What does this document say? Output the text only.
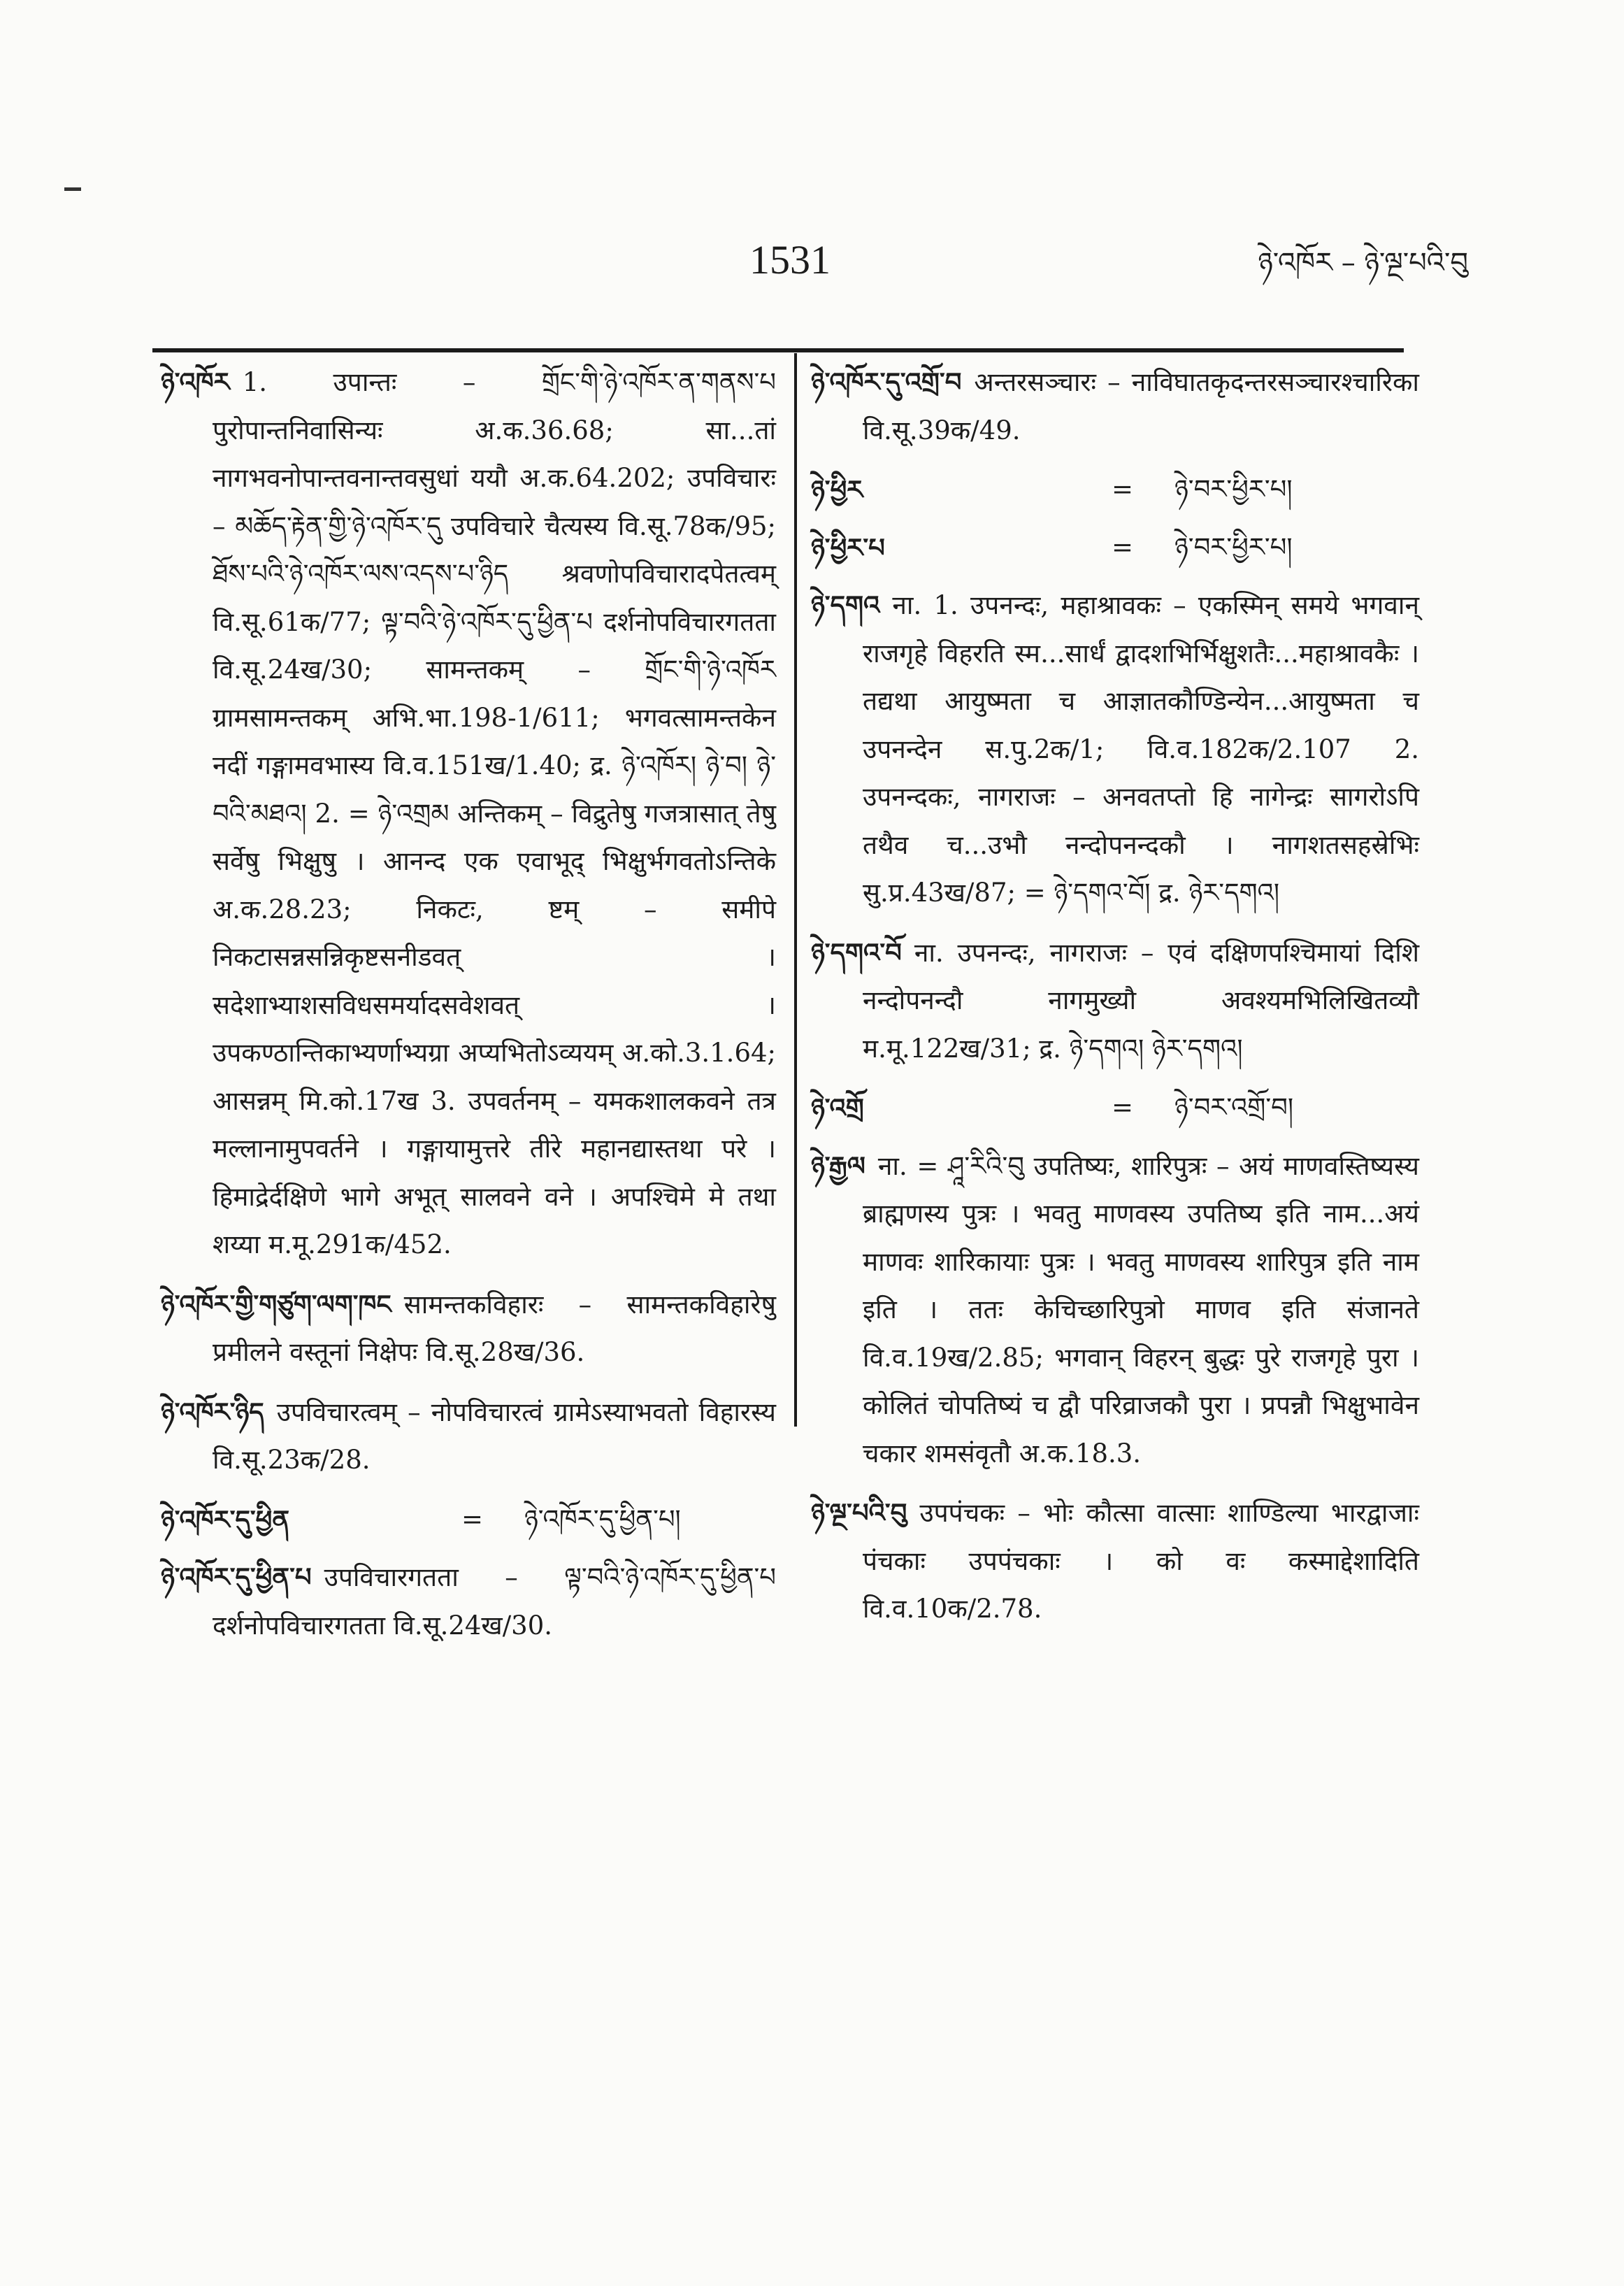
1531	ཉེ་འཁོར – ཉེ་ལྔ་པའི་བུ
ཉེ་འཁོར 1. उपान्तः – གྲོང་གི་ཉེ་འཁོར་ན་གནས་པ पुरोपान्तनिवासिन्यः अ.क.36.68; सा...तां नागभवनोपान्तवनान्तवसुधां ययौ अ.क.64.202; उपविचारः – མཆོད་རྟེན་གྱི་ཉེ་འཁོར་དུ उपविचारे चैत्यस्य वि.सू.78क/95; ཐོས་པའི་ཉེ་འཁོར་ལས་འདས་པ་ཉིད श्रवणोपविचारादपेतत्वम् वि.सू.61क/77; ལྟ་བའི་ཉེ་འཁོར་དུ་ཕྱིན་པ दर्शनोपविचारगतता वि.सू.24ख/30; सामन्तकम् – གྲོང་གི་ཉེ་འཁོར ग्रामसामन्तकम् अभि.भा.198-1/611; भगवत्सामन्तकेन नदीं गङ्गामवभास्य वि.व.151ख/1.40; द्र. ཉེ་འཁོར། ཉེ་བ། ཉེ་བའི་མཐའ། 2. = ཉེ་འགྲམ अन्तिकम् – विद्रुतेषु गजत्रासात् तेषु सर्वेषु भिक्षुषु । आनन्द एक एवाभूद् भिक्षुर्भगवतोऽन्तिके अ.क.28.23; निकटः, ष्टम् – समीपे निकटासन्नसन्निकृष्टसनीडवत् । सदेशाभ्याशसविधसमर्यादसवेशवत् । उपकण्ठान्तिकाभ्यर्णाभ्यग्रा अप्यभितोऽव्ययम् अ.को.3.1.64; आसन्नम् मि.को.17ख 3. उपवर्तनम् – यमकशालकवने तत्र मल्लानामुपवर्तने । गङ्गायामुत्तरे तीरे महानद्यास्तथा परे । हिमाद्रेर्दक्षिणे भागे अभूत् सालवने वने । अपश्चिमे मे तथा शय्या म.मू.291क/452.
ཉེ་འཁོར་གྱི་གཙུག་ལག་ཁང सामन्तकविहारः – सामन्तकविहारेषु प्रमीलने वस्तूनां निक्षेपः वि.सू.28ख/36.
ཉེ་འཁོར་ཉིད उपविचारत्वम् – नोपविचारत्वं ग्रामेऽस्याभवतो विहारस्य वि.सू.23क/28.
ཉེ་འཁོར་དུ་ཕྱིན	=	ཉེ་འཁོར་དུ་ཕྱིན་པ།
ཉེ་འཁོར་དུ་ཕྱིན་པ उपविचारगतता – ལྟ་བའི་ཉེ་འཁོར་དུ་ཕྱིན་པ दर्शनोपविचारगतता वि.सू.24ख/30.
ཉེ་འཁོར་དུ་འགྲོ་བ अन्तरसञ्चारः – नाविघातकृदन्तरसञ्चारश्चारिका वि.सू.39क/49.
ཉེ་ཕྱིར	=	ཉེ་བར་ཕྱིར་པ།
ཉེ་ཕྱིར་པ	=	ཉེ་བར་ཕྱིར་པ།
ཉེ་དགའ ना. 1. उपनन्दः, महाश्रावकः – एकस्मिन् समये भगवान् राजगृहे विहरति स्म...सार्धं द्वादशभिर्भिक्षुशतैः...महाश्रावकैः । तद्यथा आयुष्मता च आज्ञातकौण्डिन्येन...आयुष्मता च उपनन्देन स.पु.2क/1; वि.व.182क/2.107 2. उपनन्दकः, नागराजः – अनवतप्तो हि नागेन्द्रः सागरोऽपि तथैव च...उभौ नन्दोपनन्दकौ । नागशतसहस्रेभिः सु.प्र.43ख/87; = ཉེ་དགའ་བོ། द्र. ཉེར་དགའ།
ཉེ་དགའ་བོ ना. उपनन्दः, नागराजः – एवं दक्षिणपश्चिमायां दिशि नन्दोपनन्दौ नागमुख्यौ अवश्यमभिलिखितव्यौ म.मू.122ख/31; द्र. ཉེ་དགའ། ཉེར་དགའ།
ཉེ་འགྲོ	=	ཉེ་བར་འགྲོ་བ།
ཉེ་རྒྱལ ना. = ཤཱ་རིའི་བུ उपतिष्यः, शारिपुत्रः – अयं माणवस्तिष्यस्य ब्राह्मणस्य पुत्रः । भवतु माणवस्य उपतिष्य इति नाम...अयं माणवः शारिकायाः पुत्रः । भवतु माणवस्य शारिपुत्र इति नाम इति । ततः केचिच्छारिपुत्रो माणव इति संजानते वि.व.19ख/2.85; भगवान् विहरन् बुद्धः पुरे राजगृहे पुरा । कोलितं चोपतिष्यं च द्वौ परिव्राजकौ पुरा । प्रपन्नौ भिक्षुभावेन चकार शमसंवृतौ अ.क.18.3.
ཉེ་ལྔ་པའི་བུ उपपंचकः – भोः कौत्सा वात्साः शाण्डिल्या भारद्वाजाः पंचकाः उपपंचकाः । को वः कस्माद्देशादिति वि.व.10क/2.78.
